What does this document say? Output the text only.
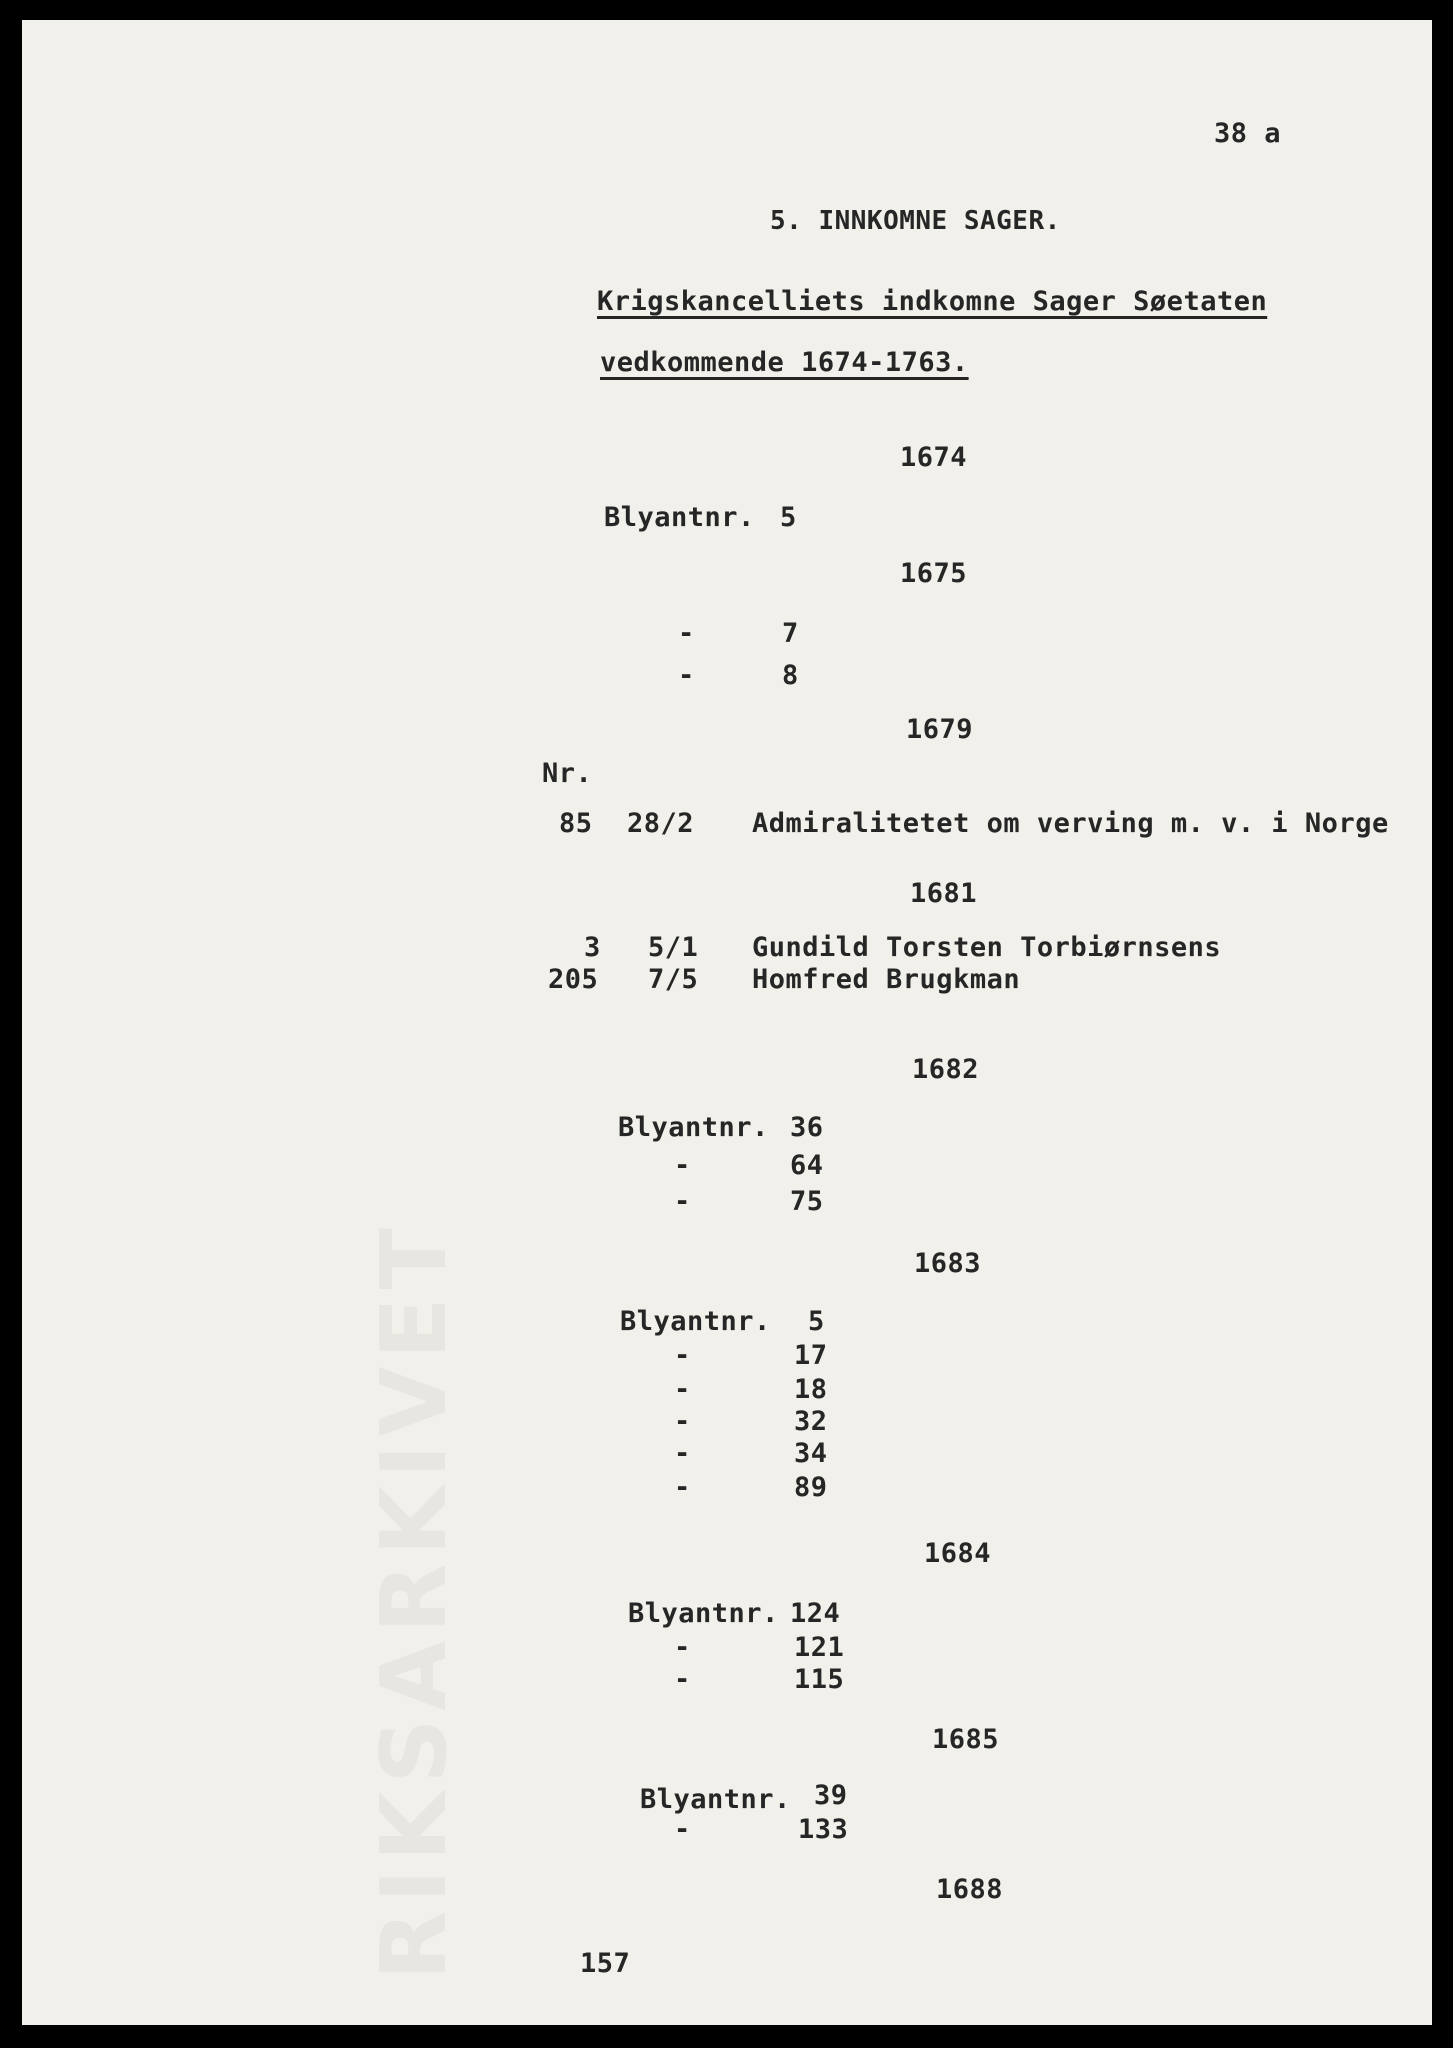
RIKSARKIVET
38 a
5. INNKOMNE SAGER.
Krigskancelliets indkomne Sager Søetaten
vedkommende 1674-1763.
1674
Blyantnr. 5
1675
-	7
-	8
1679
Nr.
85 28/2 Admiralitetet om verving m. v. i Norge
1681
3 5/1 Gundild Torsten Torbiørnsens
205 7/5 Homfred Brugkman
1682
Blyantnr. 36
-	64
-	75
1683
Blyantnr. 5
-	17
-	18
-	32
-	34
-	89
1684
Blyantnr. 124
-	121
-	115
1685
Blyantnr. 39
-	133
1688
157
